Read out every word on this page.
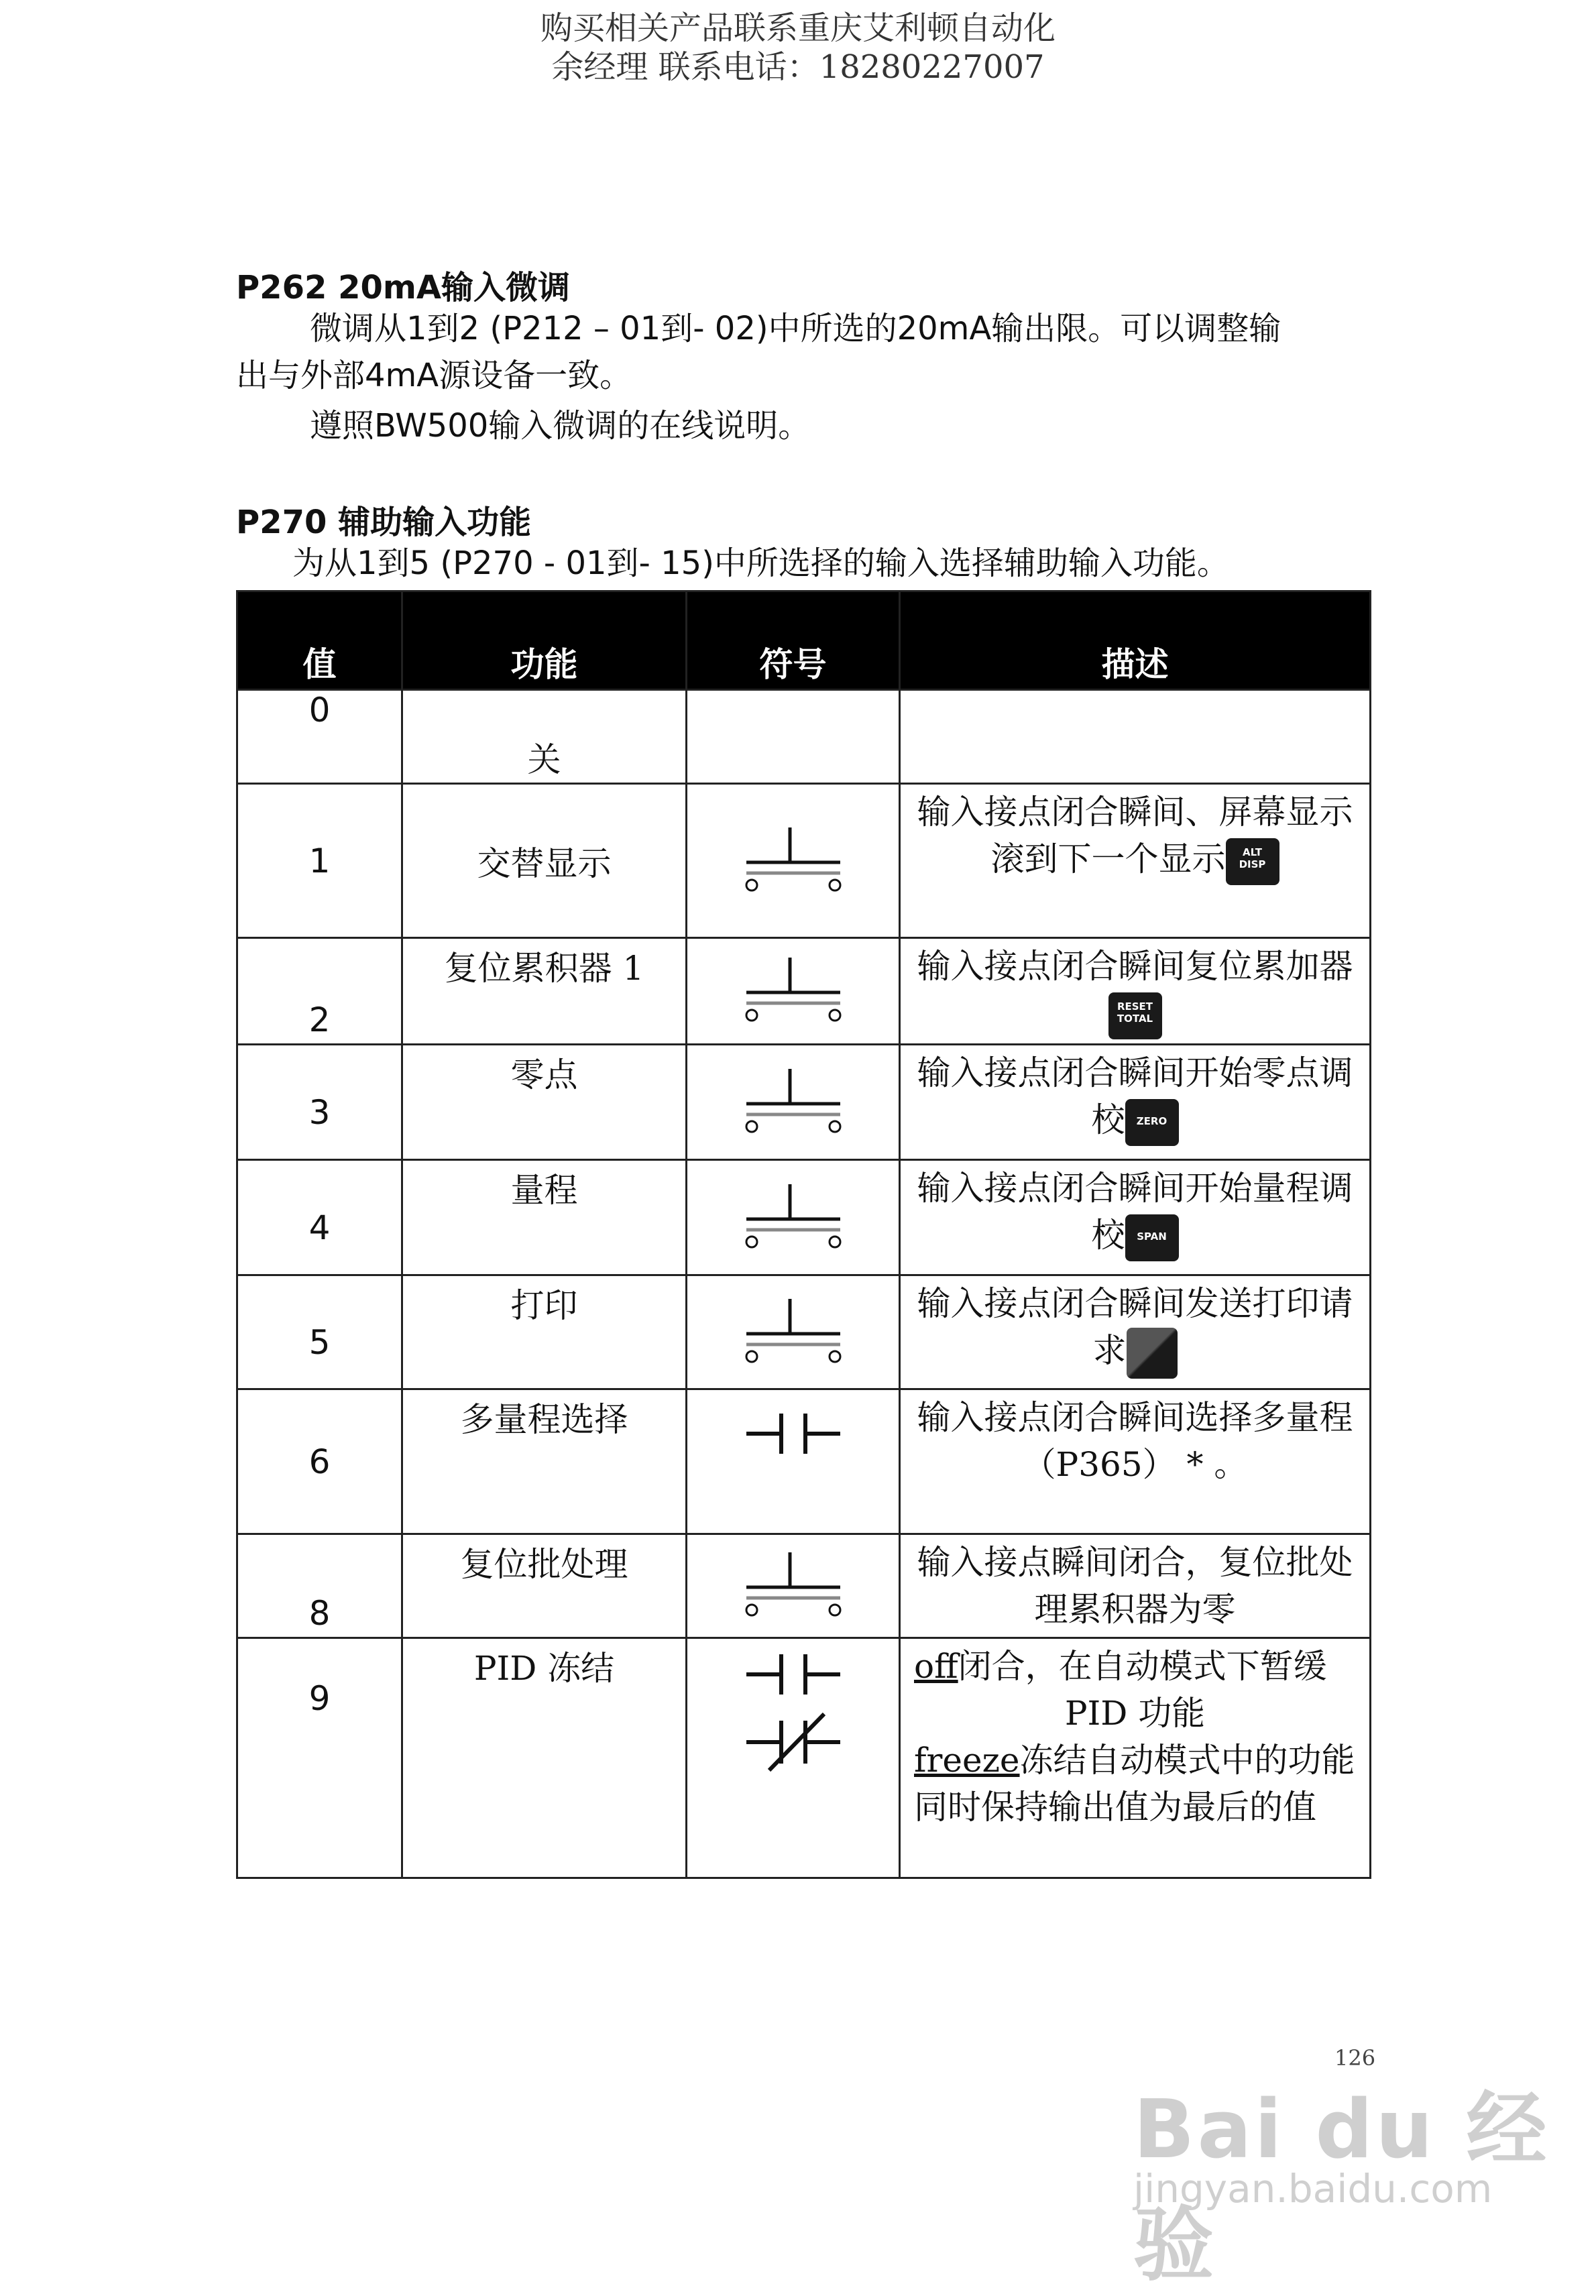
购买相关产品联系重庆艾利顿自动化
余经理 联系电话：18280227007
P262 20mA输入微调
微调从1到2 (P212 – 01到- 02)中所选的20mA输出限。可以调整输
出与外部4mA源设备一致。
遵照BW500输入微调的在线说明。
P270 辅助输入功能
为从1到5 (P270 - 01到- 15)中所选择的输入选择辅助输入功能。
值	功能	符号	描述

0	关		

1	交替显示		输入接点闭合瞬间、屏幕显示滚到下一个显示 ALT
DISP

2	复位累积器 1		输入接点闭合瞬间复位累加器RESET
TOTAL

3	零点		输入接点闭合瞬间开始零点调校 ZERO

4	量程		输入接点闭合瞬间开始量程调校 SPAN

5	打印		输入接点闭合瞬间发送打印请求

6	多量程选择		输入接点闭合瞬间选择多量程
（P365） * 。

8	复位批处理		输入接点瞬间闭合，复位批处理累积器为零

9	PID 冻结		off闭合，在自动模式下暂缓
PID 功能
freeze冻结自动模式中的功能同时保持输出值为最后的值
126
Bai du 经验
jingyan.baidu.com
